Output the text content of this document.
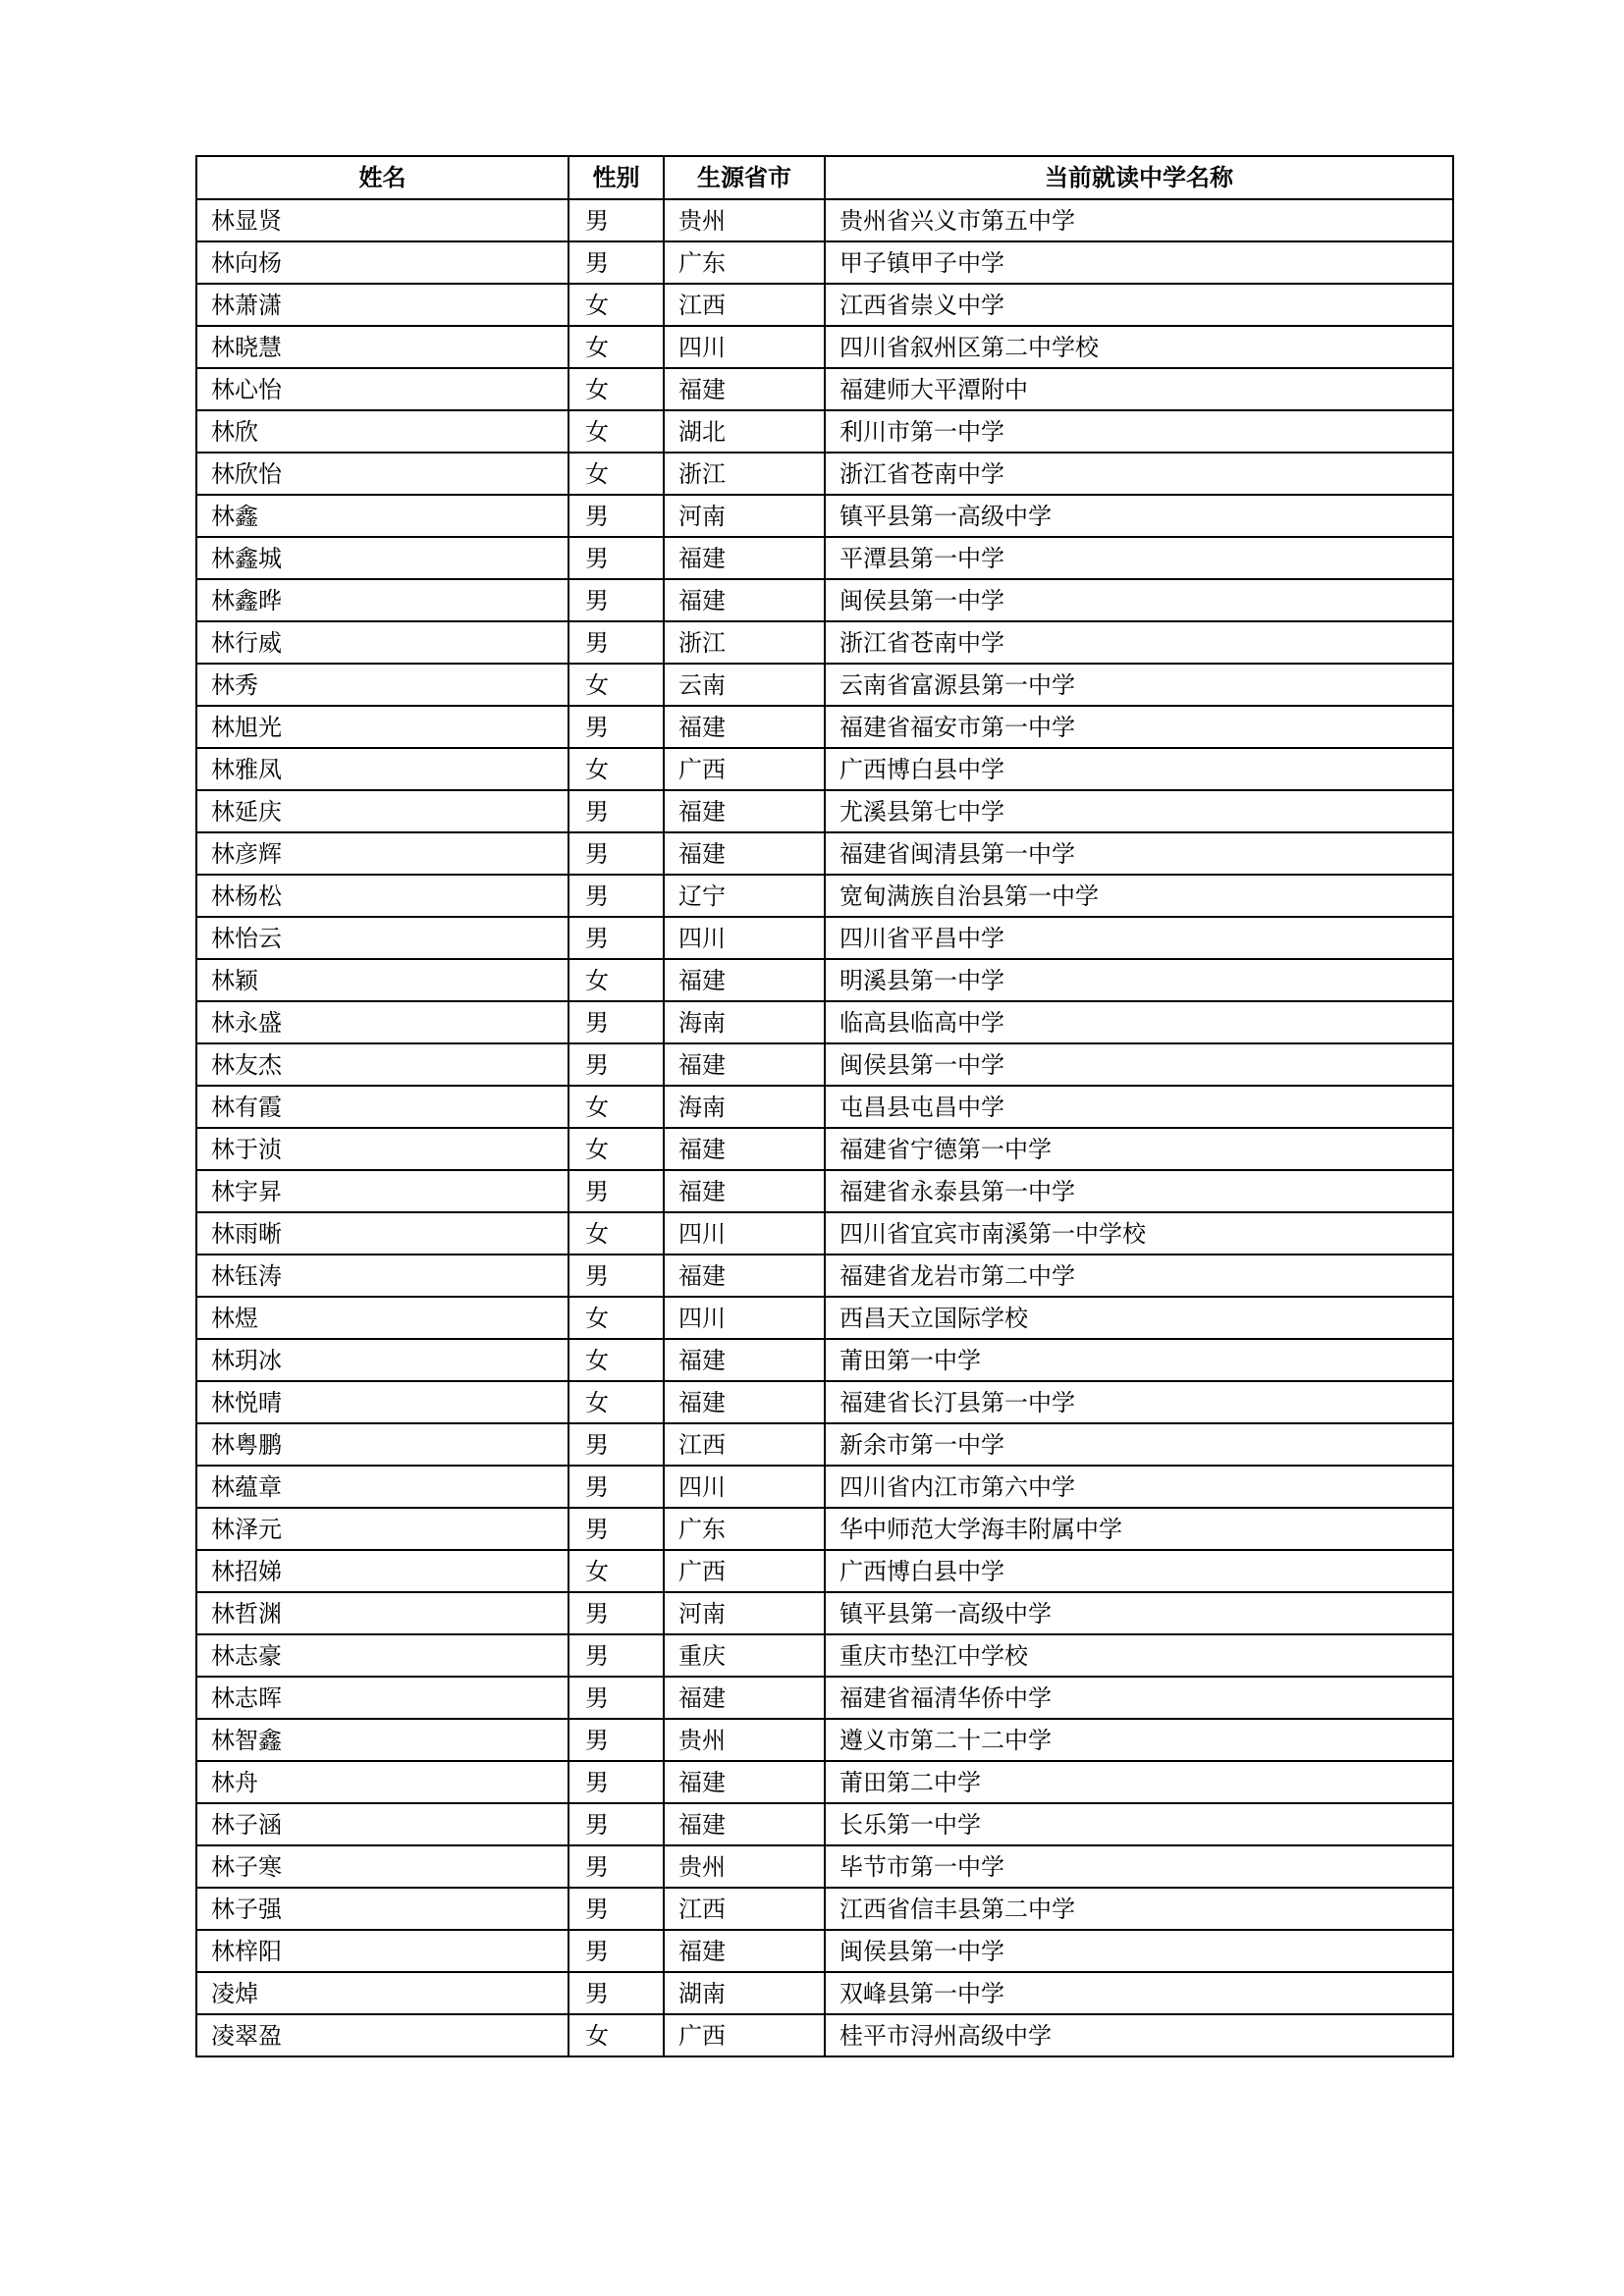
姓名	性别	生源省市	当前就读中学名称
林显贤	男	贵州	贵州省兴义市第五中学
林向杨	男	广东	甲子镇甲子中学
林萧潇	女	江西	江西省崇义中学
林晓慧	女	四川	四川省叙州区第二中学校
林心怡	女	福建	福建师大平潭附中
林欣	女	湖北	利川市第一中学
林欣怡	女	浙江	浙江省苍南中学
林鑫	男	河南	镇平县第一高级中学
林鑫城	男	福建	平潭县第一中学
林鑫晔	男	福建	闽侯县第一中学
林行威	男	浙江	浙江省苍南中学
林秀	女	云南	云南省富源县第一中学
林旭光	男	福建	福建省福安市第一中学
林雅凤	女	广西	广西博白县中学
林延庆	男	福建	尤溪县第七中学
林彦辉	男	福建	福建省闽清县第一中学
林杨松	男	辽宁	宽甸满族自治县第一中学
林怡云	男	四川	四川省平昌中学
林颖	女	福建	明溪县第一中学
林永盛	男	海南	临高县临高中学
林友杰	男	福建	闽侯县第一中学
林有霞	女	海南	屯昌县屯昌中学
林于浈	女	福建	福建省宁德第一中学
林宇昇	男	福建	福建省永泰县第一中学
林雨晰	女	四川	四川省宜宾市南溪第一中学校
林钰涛	男	福建	福建省龙岩市第二中学
林煜	女	四川	西昌天立国际学校
林玥冰	女	福建	莆田第一中学
林悦晴	女	福建	福建省长汀县第一中学
林粤鹏	男	江西	新余市第一中学
林蕴章	男	四川	四川省内江市第六中学
林泽元	男	广东	华中师范大学海丰附属中学
林招娣	女	广西	广西博白县中学
林哲渊	男	河南	镇平县第一高级中学
林志豪	男	重庆	重庆市垫江中学校
林志晖	男	福建	福建省福清华侨中学
林智鑫	男	贵州	遵义市第二十二中学
林舟	男	福建	莆田第二中学
林子涵	男	福建	长乐第一中学
林子寒	男	贵州	毕节市第一中学
林子强	男	江西	江西省信丰县第二中学
林梓阳	男	福建	闽侯县第一中学
凌焯	男	湖南	双峰县第一中学
凌翠盈	女	广西	桂平市浔州高级中学
